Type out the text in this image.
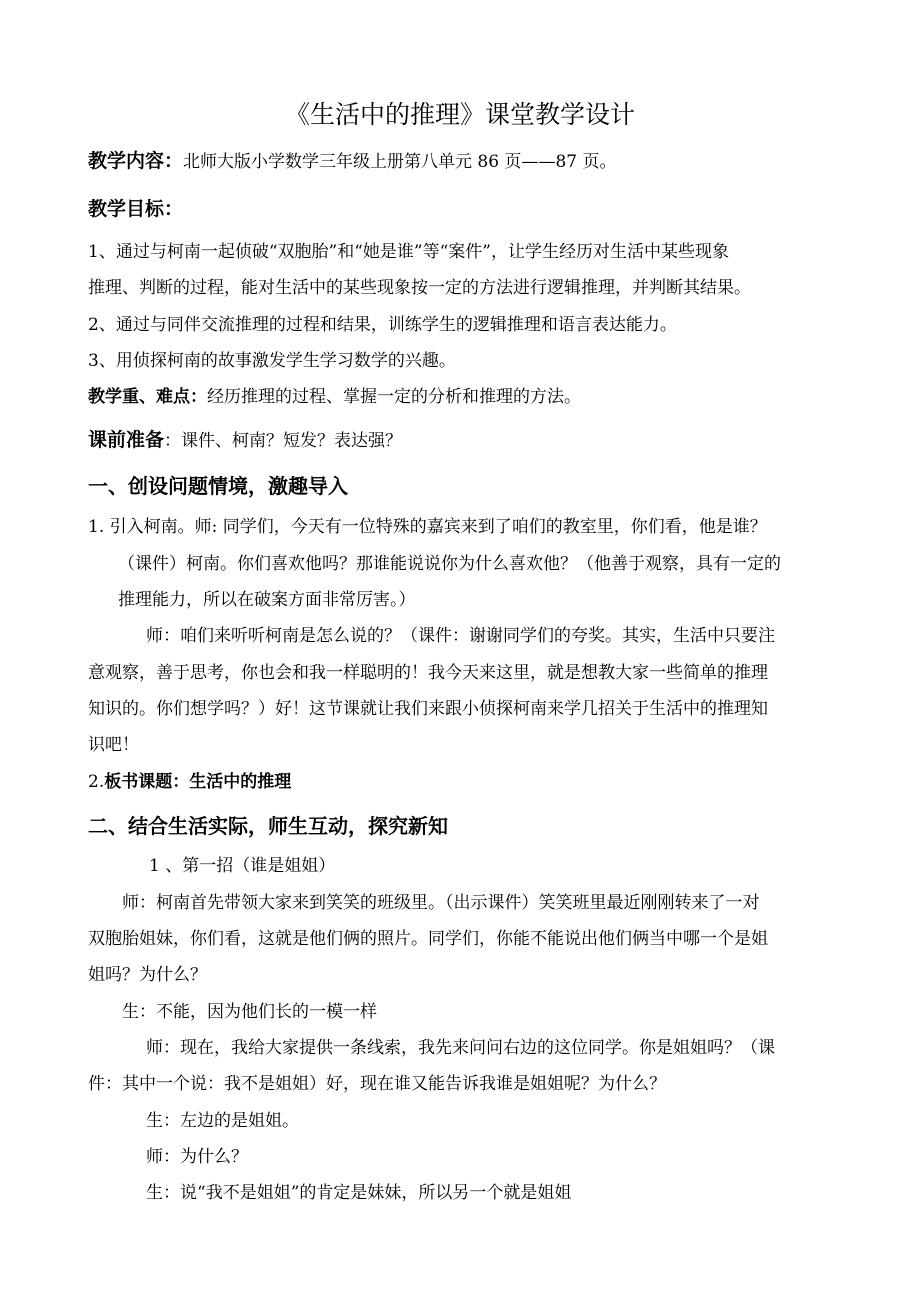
《生活中的推理》课堂教学设计
教学内容：北师大版小学数学三年级上册第八单元 86 页——87 页。
教学目标：
1、通过与柯南一起侦破“双胞胎”和“她是谁”等“案件”，让学生经历对生活中某些现象
推理、判断的过程，能对生活中的某些现象按一定的方法进行逻辑推理，并判断其结果。
2、通过与同伴交流推理的过程和结果，训练学生的逻辑推理和语言表达能力。
3、用侦探柯南的故事激发学生学习数学的兴趣。
教学重、难点：经历推理的过程、掌握一定的分析和推理的方法。
课前准备：课件、柯南？短发？表达强？
一、创设问题情境，激趣导入
1. 引入柯南。师: 同学们，今天有一位特殊的嘉宾来到了咱们的教室里，你们看，他是谁？
（课件）柯南。你们喜欢他吗？那谁能说说你为什么喜欢他？（他善于观察，具有一定的
推理能力，所以在破案方面非常厉害。）
师：咱们来听听柯南是怎么说的？（课件：谢谢同学们的夸奖。其实，生活中只要注
意观察，善于思考，你也会和我一样聪明的！我今天来这里，就是想教大家一些简单的推理
知识的。你们想学吗？）好！这节课就让我们来跟小侦探柯南来学几招关于生活中的推理知
识吧！
2.板书课题：生活中的推理
二、结合生活实际，师生互动，探究新知
1 、第一招（谁是姐姐）
师：柯南首先带领大家来到笑笑的班级里。（出示课件）笑笑班里最近刚刚转来了一对
双胞胎姐妹，你们看，这就是他们俩的照片。同学们，你能不能说出他们俩当中哪一个是姐
姐吗？为什么？
生：不能，因为他们长的一模一样
师：现在，我给大家提供一条线索，我先来问问右边的这位同学。你是姐姐吗？（课
件：其中一个说：我不是姐姐）好，现在谁又能告诉我谁是姐姐呢？为什么？
生：左边的是姐姐。
师：为什么？
生：说“我不是姐姐”的肯定是妹妹，所以另一个就是姐姐
